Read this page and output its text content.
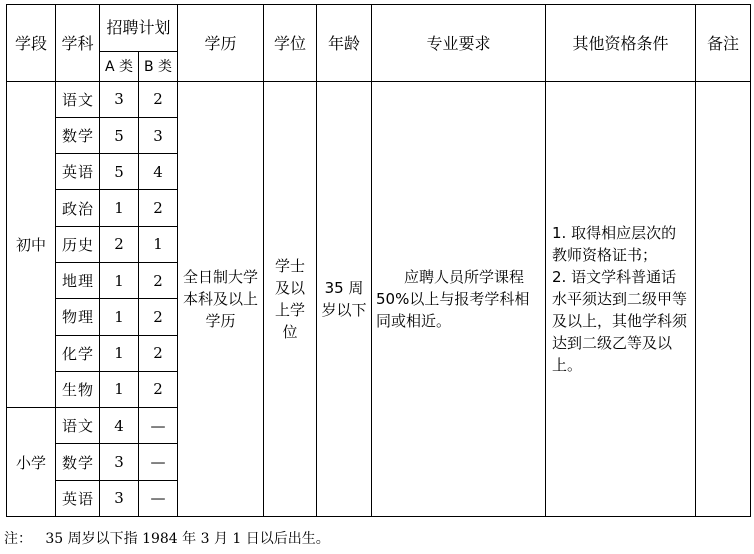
学段	学科	招聘计划		学历	学位	年龄	专业要求	其他资格条件	备注
		A 类	B 类						
初中	语文	3	2	全日制大学本科及以上学历	学士及以上学位	35 周岁以下	应聘人员所学课程 50%以上与报考学科相同或相近。	1. 取得相应层次的教师资格证书；
2. 语文学科普通话水平须达到二级甲等及以上，其他学科须达到二级乙等及以上。	

	数学	5	3						
	英语	5	4						
	政治	1	2						
	历史	2	1						
	地理	1	2						
	物理	1	2						
	化学	1	2						
	生物	1	2						
小学	语文	4	—						
	数学	3	—						
	英语	3	—						
注：   35 周岁以下指 1984 年 3 月 1 日以后出生。
